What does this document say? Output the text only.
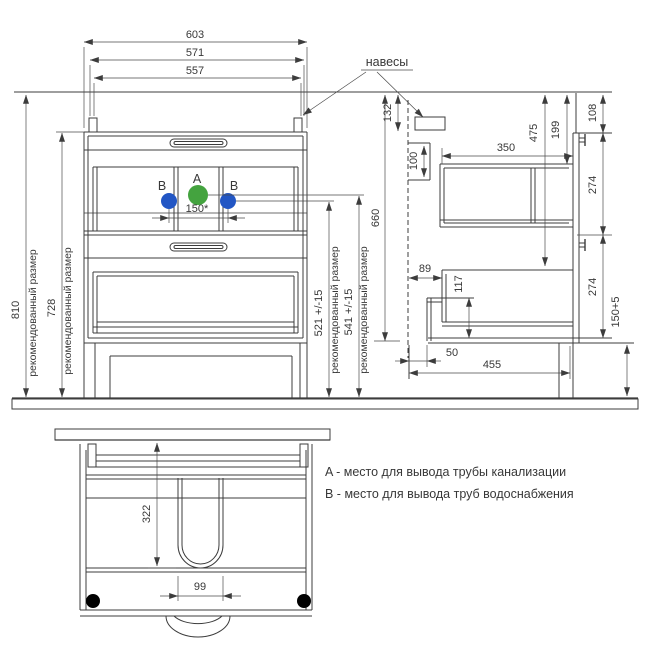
A
B	B
603
571
557
150*
810 рекомендованный размер 728 рекомендованный размер	521 +/-15 рекомендованный размер 541 +/-15 рекомендованный размер
660
навесы
132
100
475 199
108
274
274
150+5
350
89
117
50
455
322
99
A - место для вывода трубы канализации
B - место для вывода труб водоснабжения
